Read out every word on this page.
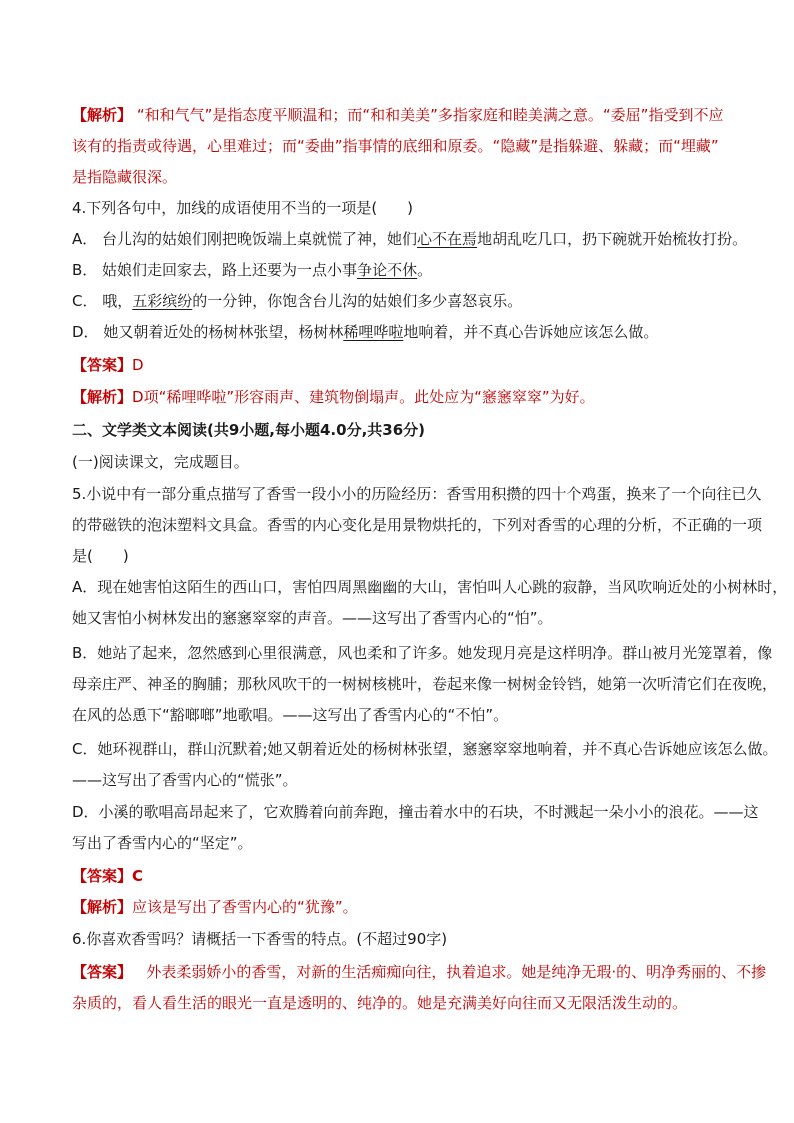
【解析】 “和和气气”是指态度平顺温和；而“和和美美”多指家庭和睦美满之意。“委屈”指受到不应
该有的指责或待遇，心里难过；而“委曲”指事情的底细和原委。“隐藏”是指躲避、躲藏；而“埋藏”
是指隐藏很深。
4.下列各句中，加线的成语使用不当的一项是(　　)
A． 台儿沟的姑娘们刚把晚饭端上桌就慌了神，她们心不在焉地胡乱吃几口，扔下碗就开始梳妆打扮。
B． 姑娘们走回家去，路上还要为一点小事争论不休。
C． 哦，五彩缤纷的一分钟，你饱含台儿沟的姑娘们多少喜怒哀乐。
D． 她又朝着近处的杨树林张望，杨树林稀哩哗啦地响着，并不真心告诉她应该怎么做。
【答案】D
【解析】D项“稀哩哗啦”形容雨声、建筑物倒塌声。此处应为“窸窸窣窣”为好。
二、文学类文本阅读(共9小题,每小题4.0分,共36分)
(一)阅读课文，完成题目。
5.小说中有一部分重点描写了香雪一段小小的历险经历：香雪用积攒的四十个鸡蛋，换来了一个向往已久
的带磁铁的泡沫塑料文具盒。香雪的内心变化是用景物烘托的，下列对香雪的心理的分析，不正确的一项
是(　　)
A．现在她害怕这陌生的西山口，害怕四周黑幽幽的大山，害怕叫人心跳的寂静，当风吹响近处的小树林时，
她又害怕小树林发出的窸窸窣窣的声音。——这写出了香雪内心的“怕”。
B．她站了起来，忽然感到心里很满意，风也柔和了许多。她发现月亮是这样明净。群山被月光笼罩着，像
母亲庄严、神圣的胸脯；那秋风吹干的一树树核桃叶，卷起来像一树树金铃铛，她第一次听清它们在夜晚，
在风的怂恿下“豁啷啷”地歌唱。——这写出了香雪内心的“不怕”。
C．她环视群山，群山沉默着;她又朝着近处的杨树林张望，窸窸窣窣地响着，并不真心告诉她应该怎么做。
——这写出了香雪内心的“慌张”。
D．小溪的歌唱高昂起来了，它欢腾着向前奔跑，撞击着水中的石块，不时溅起一朵小小的浪花。——这
写出了香雪内心的“坚定”。
【答案】C
【解析】应该是写出了香雪内心的“犹豫”。
6.你喜欢香雪吗？请概括一下香雪的特点。(不超过90字)
【答案】 外表柔弱娇小的香雪，对新的生活痴痴向往，执着追求。她是纯净无瑕·的、明净秀丽的、不掺
杂质的，看人看生活的眼光一直是透明的、纯净的。她是充满美好向往而又无限活泼生动的。
